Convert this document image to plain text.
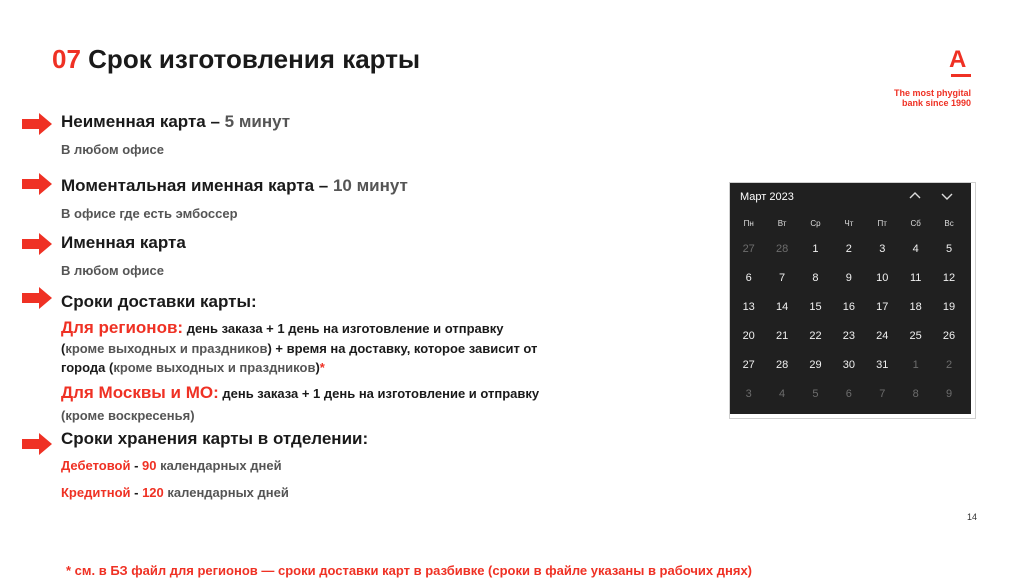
07 Срок изготовления карты	А
The most phygital
bank since 1990
Неименная карта – 5 минут
В любом офисе
Моментальная именная карта – 10 минут
В офисе где есть эмбоссер
Именная карта
В любом офисе
Сроки доставки карты:
Для регионов: день заказа + 1 день на изготовление и отправку
(кроме выходных и праздников) + время на доставку, которое зависит от
города (кроме выходных и праздников)*
Для Москвы и МО: день заказа + 1 день на изготовление и отправку
(кроме воскресенья)
Сроки хранения карты в отделении:
Дебетовой - 90 календарных дней
Кредитной - 120 календарных дней
Март 2023
Пн	Вт	Ср	Чт	Пт	Сб	Вс
27	28	1	2	3	4	5
6	7	8	9	10	11	12
13	14	15	16	17	18	19
20	21	22	23	24	25	26
27	28	29	30	31	1	2
3	4	5	6	7	8	9
14
* см. в БЗ файл для регионов — сроки доставки карт в разбивке (сроки в файле указаны в рабочих днях)
